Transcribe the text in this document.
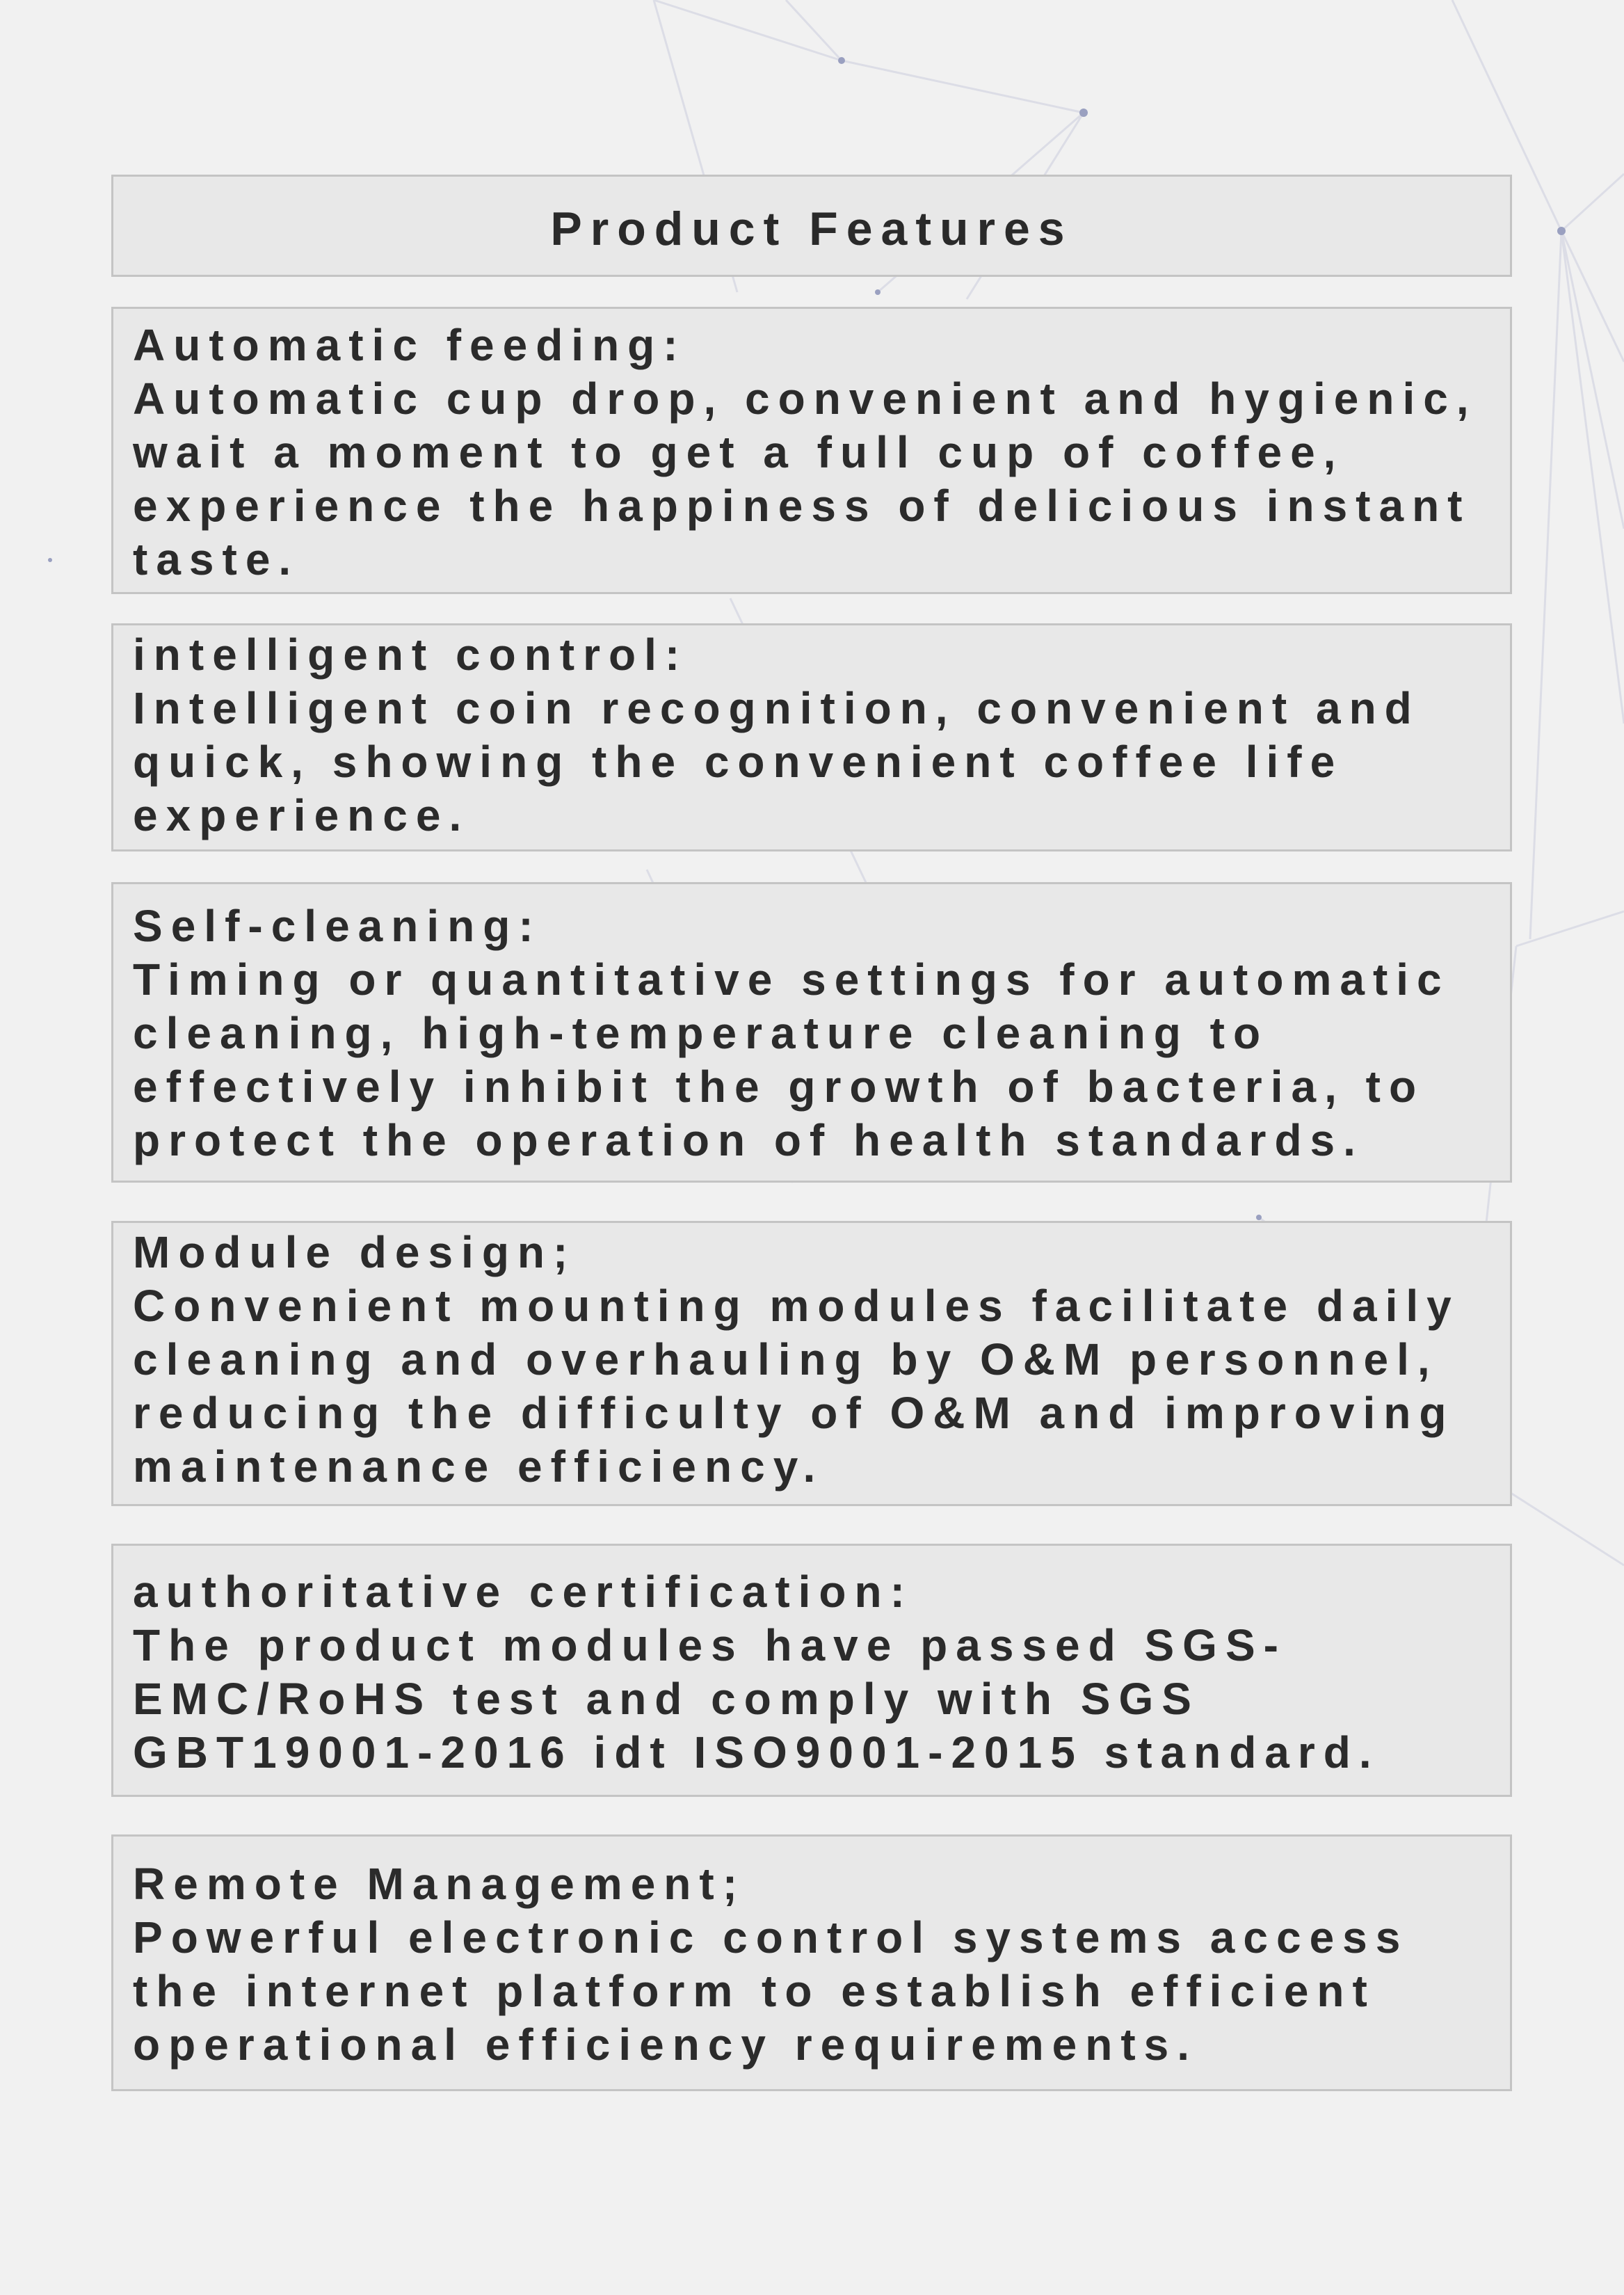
Product Features
Automatic feeding:
Automatic cup drop, convenient and hygienic,
wait a moment to get a full cup of coffee,
experience the happiness of delicious instant
taste.
intelligent control:
Intelligent coin recognition, convenient and
quick, showing the convenient coffee life
experience.
Self-cleaning:
Timing or quantitative settings for automatic
cleaning, high-temperature cleaning to
effectively inhibit the growth of bacteria, to
protect the operation of health standards.
Module design;
Convenient mounting modules facilitate daily
cleaning and overhauling by O&M personnel,
reducing the difficulty of O&M and improving
maintenance efficiency.
authoritative certification:
The product modules have passed SGS-
EMC/RoHS test and comply with SGS
GBT19001-2016 idt ISO9001-2015 standard.
Remote Management;
Powerful electronic control systems access
the internet platform to establish efficient
operational efficiency requirements.
